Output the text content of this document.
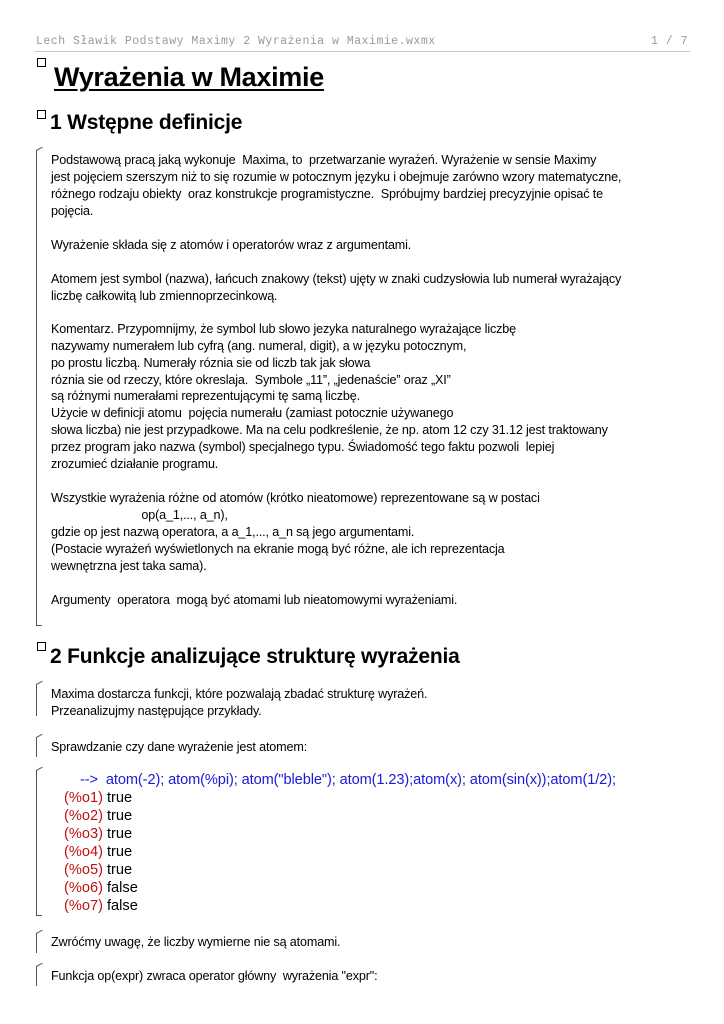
Lech Sławik Podstawy Maximy 2 Wyrażenia w Maximie.wxmx	1 / 7
Wyrażenia w Maximie
1 Wstępne definicje
Podstawową pracą jaką wykonuje  Maxima, to  przetwarzanie wyrażeń. Wyrażenie w sensie Maximy
jest pojęciem szerszym niż to się rozumie w potocznym języku i obejmuje zarówno wzory matematyczne,
różnego rodzaju obiekty  oraz konstrukcje programistyczne.  Spróbujmy bardziej precyzyjnie opisać te
pojęcia.
Wyrażenie składa się z atomów i operatorów wraz z argumentami.
Atomem jest symbol (nazwa), łańcuch znakowy (tekst) ujęty w znaki cudzysłowia lub numerał wyrażający
liczbę całkowitą lub zmiennoprzecinkową.
Komentarz. Przypomnijmy, że symbol lub słowo jezyka naturalnego wyrażające liczbę
nazywamy numerałem lub cyfrą (ang. numeral, digit), a w języku potocznym,
po prostu liczbą. Numerały róznia sie od liczb tak jak słowa
róznia sie od rzeczy, które okreslaja.  Symbole „11”, „jedenaście” oraz „XI”
są różnymi numerałami reprezentującymi tę samą liczbę.
Użycie w definicji atomu  pojęcia numerału (zamiast potocznie używanego
słowa liczba) nie jest przypadkowe. Ma na celu podkreślenie, że np. atom 12 czy 31.12 jest traktowany
przez program jako nazwa (symbol) specjalnego typu. Świadomość tego faktu pozwoli  lepiej
zrozumieć działanie programu.
Wszystkie wyrażenia różne od atomów (krótko nieatomowe) reprezentowane są w postaci
op(a_1,..., a_n),
gdzie op jest nazwą operatora, a a_1,..., a_n są jego argumentami.
(Postacie wyrażeń wyświetlonych na ekranie mogą być różne, ale ich reprezentacja
wewnętrzna jest taka sama).
Argumenty  operatora  mogą być atomami lub nieatomowymi wyrażeniami.
2 Funkcje analizujące strukturę wyrażenia
Maxima dostarcza funkcji, które pozwalają zbadać strukturę wyrażeń.
Przeanalizujmy następujące przykłady.
Sprawdzanie czy dane wyrażenie jest atomem:
--> atom(-2); atom(%pi); atom("bleble"); atom(1.23);atom(x); atom(sin(x));atom(1/2);
(%o1) true
(%o2) true
(%o3) true
(%o4) true
(%o5) true
(%o6) false
(%o7) false
Zwróćmy uwagę, że liczby wymierne nie są atomami.
Funkcja op(expr) zwraca operator główny  wyrażenia "expr":
